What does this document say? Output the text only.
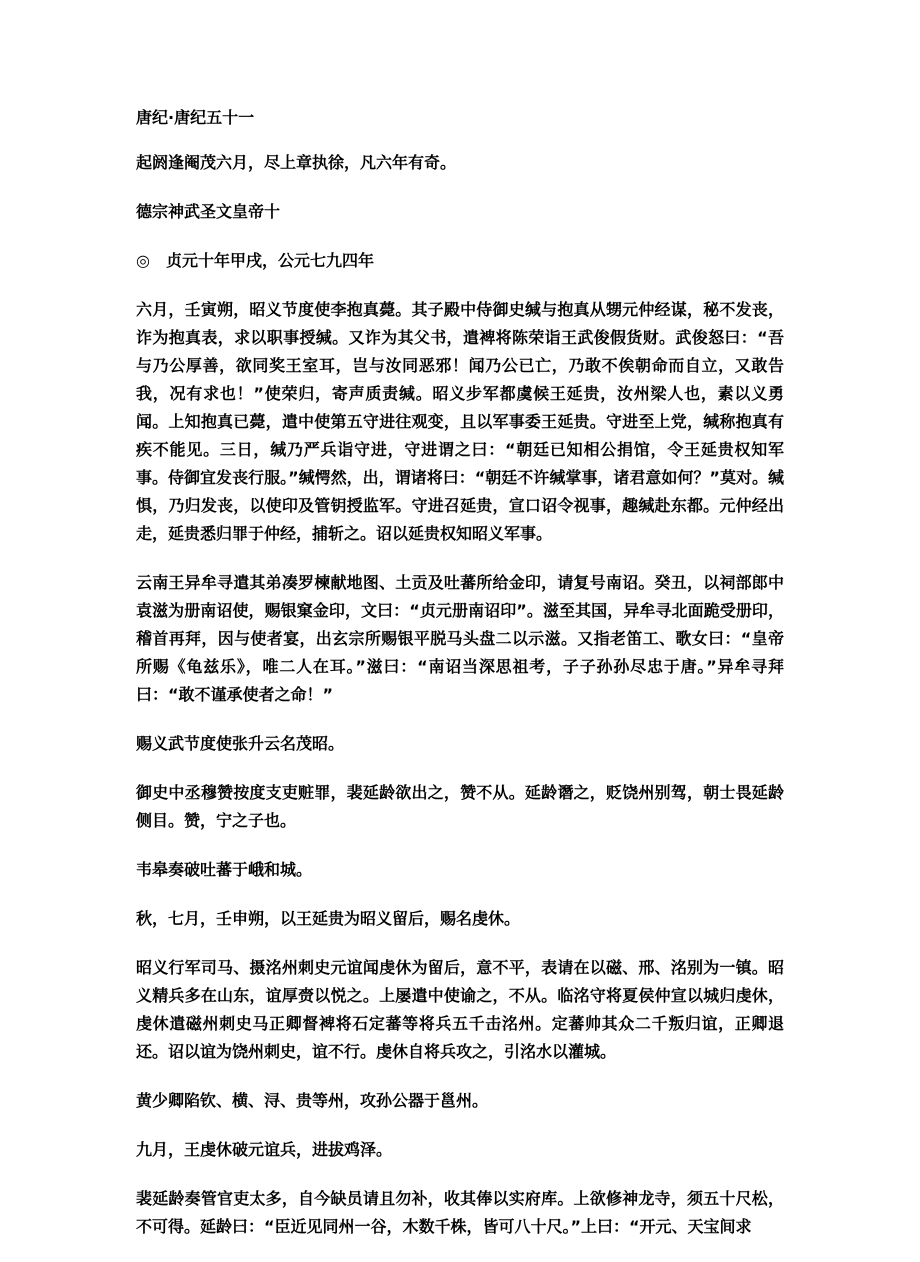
唐纪·唐纪五十一

起阏逢阉茂六月，尽上章执徐，凡六年有奇。

德宗神武圣文皇帝十

◎　贞元十年甲戌，公元七九四年

六月，壬寅朔，昭义节度使李抱真薨。其子殿中侍御史缄与抱真从甥元仲经谋，秘不发丧，诈为抱真表，求以职事授缄。又诈为其父书，遣裨将陈荣诣王武俊假货财。武俊怒曰：“吾与乃公厚善，欲同奖王室耳，岂与汝同恶邪！闻乃公已亡，乃敢不俟朝命而自立，又敢告我，况有求也！”使荣归，寄声质责缄。昭义步军都虞候王延贵，汝州梁人也，素以义勇闻。上知抱真已薨，遣中使第五守进往观变，且以军事委王延贵。守进至上党，缄称抱真有疾不能见。三日，缄乃严兵诣守进，守进谓之曰：“朝廷已知相公捐馆，令王延贵权知军事。侍御宜发丧行服。”缄愕然，出，谓诸将曰：“朝廷不许缄掌事，诸君意如何？”莫对。缄惧，乃归发丧，以使印及管钥授监军。守进召延贵，宣口诏令视事，趣缄赴东都。元仲经出走，延贵悉归罪于仲经，捕斩之。诏以延贵权知昭义军事。

云南王异牟寻遣其弟凑罗楝献地图、土贡及吐蕃所给金印，请复号南诏。癸丑，以祠部郎中袁滋为册南诏使，赐银窠金印，文曰：“贞元册南诏印”。滋至其国，异牟寻北面跪受册印，稽首再拜，因与使者宴，出玄宗所赐银平脱马头盘二以示滋。又指老笛工、歌女曰：“皇帝所赐《龟兹乐》，唯二人在耳。”滋曰：“南诏当深思祖考，子子孙孙尽忠于唐。”异牟寻拜曰：“敢不谨承使者之命！”

赐义武节度使张升云名茂昭。

御史中丞穆赞按度支吏赃罪，裴延龄欲出之，赞不从。延龄谮之，贬饶州别驾，朝士畏延龄侧目。赞，宁之子也。

韦皋奏破吐蕃于峨和城。

秋，七月，壬申朔，以王延贵为昭义留后，赐名虔休。

昭义行军司马、摄洺州刺史元谊闻虔休为留后，意不平，表请在以磁、邢、洺别为一镇。昭义精兵多在山东，谊厚赍以悦之。上屡遣中使谕之，不从。临洺守将夏侯仲宣以城归虔休，虔休遣磁州刺史马正卿督裨将石定蕃等将兵五千击洺州。定蕃帅其众二千叛归谊，正卿退还。诏以谊为饶州刺史，谊不行。虔休自将兵攻之，引洺水以灌城。

黄少卿陷钦、横、浔、贵等州，攻孙公器于邕州。

九月，王虔休破元谊兵，进拔鸡泽。

裴延龄奏管官吏太多，自今缺员请且勿补，收其俸以实府库。上欲修神龙寺，须五十尺松，不可得。延龄曰：“臣近见同州一谷，木数千株，皆可八十尺。”上曰：“开元、天宝间求
